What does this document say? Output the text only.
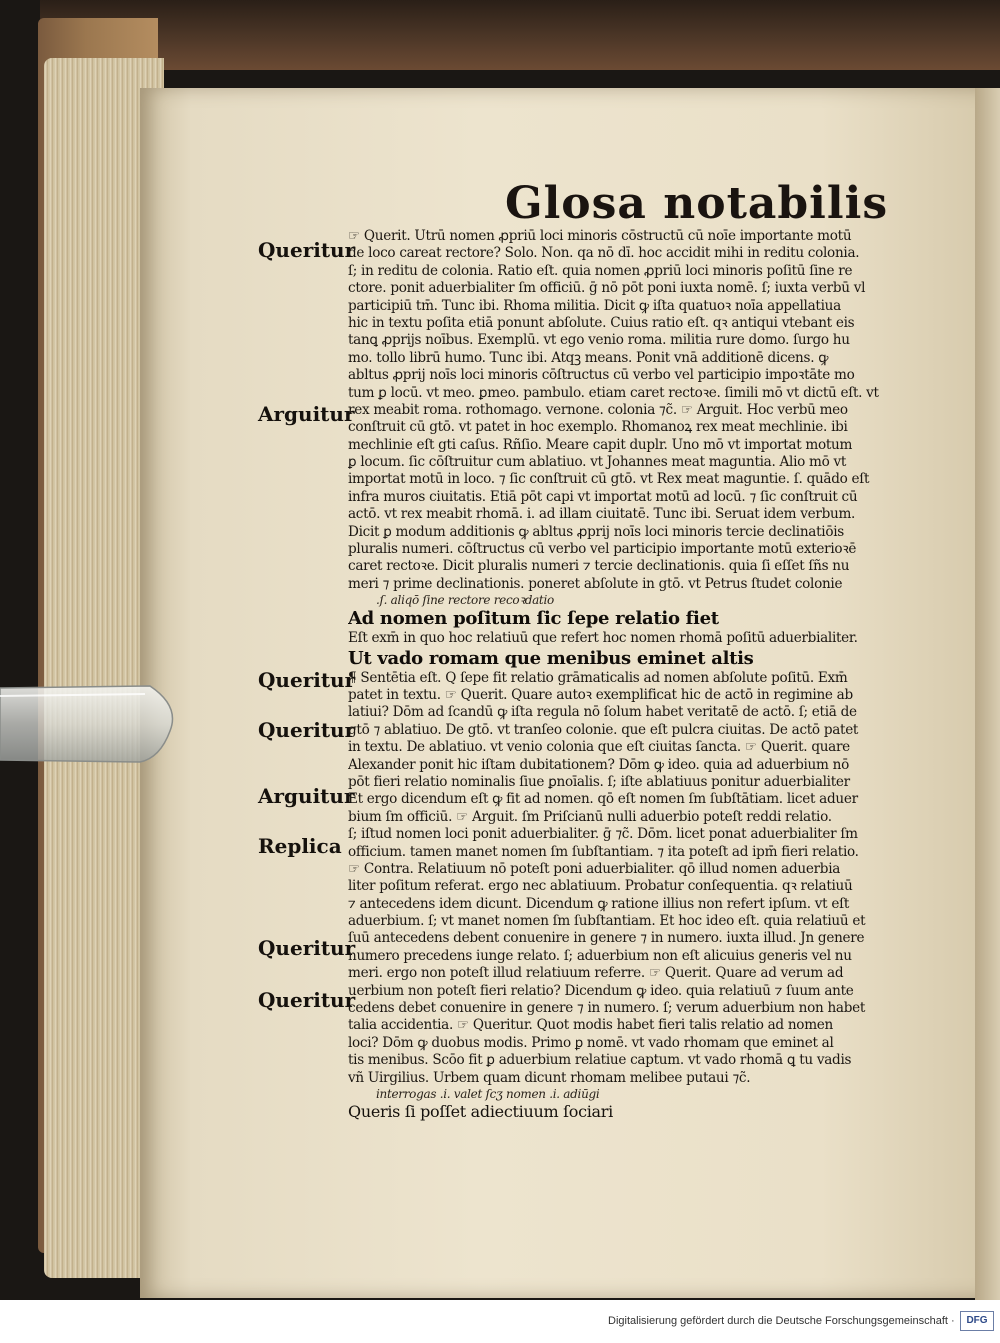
Glosa notabilis
Queritur
Arguitur
Queritur
Queritur
Arguitur
Replica
Queritur
Queritur
☞ Querit. Utrū nomen ꝓpriū loci minoris cōstructū cū noīe importante motū
de loco careat rectore? Solo. Non. qa nō dī. hoc accidit mihi in reditu colonia.
ſ; in reditu de colonia. Ratio eſt. quia nomen ꝓpriū loci minoris poſitū ſine re
ctore. ponit̃ aduerbialiter ſm officiū. ḡ nō pōt poni iuxta nomē. ſ; iuxta verbū vl
participiū tm̄. Tunc ibi. Rhoma militia. Dicit ꝙ iſta quatuoꝛ noīa appellatiua
hic in textu poſita etiā ponunt̃ abſolute. Cuius ratio eſt. qꝛ antiqui vtebant̃ eis
tanꝗ ꝓprijs noībus. Exemplū. vt ego venio roma. militia rure domo. ſurgo hu
mo. tollo librū humo. Tunc ibi. Atqꝫ means. Ponit vnā additionē dicens. ꝙ
ablt̃us ꝓprij noīs loci minoris cōſtructus cū verbo vel participio impoꝛtāte mo
tum ꝑ locū. vt meo. ꝑmeo. pambulo. etiam caret rectoꝛe. ſimili mō vt dictū eſt. vt
rex meabit roma. rothomago. vernone. colonia ⁊c̃. ☞ Arguit̃. Hoc verbū meo
conſtruit̃ cū gtō. vt patet in hoc exemplo. Rhomanoꝝ rex meat mechlinie. ibi
mechlinie eſt gt̃i caſus. Rñſio. Meare capit̃ dupl̃r. Uno mō vt importat motum
ꝑ locum. ſic cōſtruitur cum ablatiuo. vt Johannes meat maguntia. Alio mō vt
importat motū in loco. ⁊ ſic conſtruit̃ cū gtō. vt Rex meat maguntie. ſ. quādo eſt
infra muros ciuitatis. Etiā pōt capi vt importat motū ad locū. ⁊ ſic conſtruit̃ cū
actō. vt rex meabit rhomā. i. ad illam ciuitatē. Tunc ibi. Seruat idem verbum.
Dicit ꝑ modum additionis ꝙ ablt̃us ꝓprij noīs loci minoris tercie declinatiōis
pluralis numeri. cōſtructus cū verbo vel participio importante motū exterioꝛē
caret rectoꝛe. Dicit̃ pluralis numeri ⁊ tercie declinationis. quia ſi eſſet ſñs nu
meri ⁊ prime declinationis. poneret̃ abſolute in gtō. vt Petrus ſtudet colonie
.ſ. aliqō ſine rectore recoꝛdatio
Ad nomen poſitum ſic ſepe relatio fiet
Eſt exm̄ in quo hoc relatiuū que refert hoc nomen rhomā poſitū aduerbialiter.
Ut vado romam que menibus eminet altis
¶ Sentētia eſt. Q ſepe fit relatio grāmaticalis ad nomen abſolute poſitū. Exm̄
patet in textu. ☞ Querit̃. Quare autoꝛ exemplificat hic de actō in regimine ab
latiui? Dōm ad ſcandū ꝙ iſta regula nō ſolum habet veritatē de actō. ſ; etiā de
gtō ⁊ ablatiuo. De gtō. vt tranſeo colonie. que eſt pulcra ciuitas. De actō patet
in textu. De ablatiuo. vt venio colonia que eſt ciuitas ſancta. ☞ Querit̃. quare
Alexander ponit hic iſtam dubitationem? Dōm ꝙ ideo. quia ad aduerbium nō
pōt fieri relatio nominalis ſiue ꝑnoīalis. ſ; iſte ablatiuus ponitur aduerbialiter
Et ergo dicendum eſt ꝙ fit ad nomen. qō eſt nomen ſm ſubſtātiam. licet aduer
bium ſm officiū. ☞ Arguit̃. ſm Priſcianū nulli aduerbio poteſt reddi relatio.
ſ; iſtud nomen loci ponit̃ aduerbialiter. ḡ ⁊c̃. Dōm. licet ponat̃ aduerbialiter ſm
officium. tamen manet nomen ſm ſubſtantiam. ⁊ ita poteſt ad ipm̄ fieri relatio.
☞ Contra. Relatiuum nō poteſt poni aduerbialiter. qō illud nomen aduerbia
liter poſitum referat. ergo nec ablatiuum. Probatur conſequentia. qꝛ relatiuū
⁊ antecedens idem dicunt. Dicendum ꝙ ratione illius non refert ipſum. vt eſt
aduerbium. ſ; vt manet nomen ſm ſubſtantiam. Et hoc ideo eſt. quia relatiuū et
ſuū antecedens debent conuenire in genere ⁊ in numero. iuxta illud. Jn genere
numero precedens iunge relato. ſ; aduerbium non eſt alicuius generis vel nu
meri. ergo non poteſt illud relatiuum referre. ☞ Querit̃. Quare ad verum ad
uerbium non poteſt fieri relatio? Dicendum ꝙ ideo. quia relatiuū ⁊ ſuum ante
cedens debet conuenire in genere ⁊ in numero. ſ; verum aduerbium non habet
talia accidentia. ☞ Queritur. Quot modis habet fieri talis relatio ad nomen
loci? Dōm ꝙ duobus modis. Primo ꝑ nomē. vt vado rhomam que eminet al
tis menibus. Scōo fit ꝑ aduerbium relatiue captum. vt vado rhomā ꝗ tu vadis
vñ Uirgilius. Urbem quam dicunt rhomam melibee putaui ⁊c̃.
interrogas .i. valet ſcʒ nomen .i. adiūgi
Queris ſi poſſet adiectiuum ſociari
Digitalisierung gefördert durch die Deutsche Forschungsgemeinschaft ·	DFG
